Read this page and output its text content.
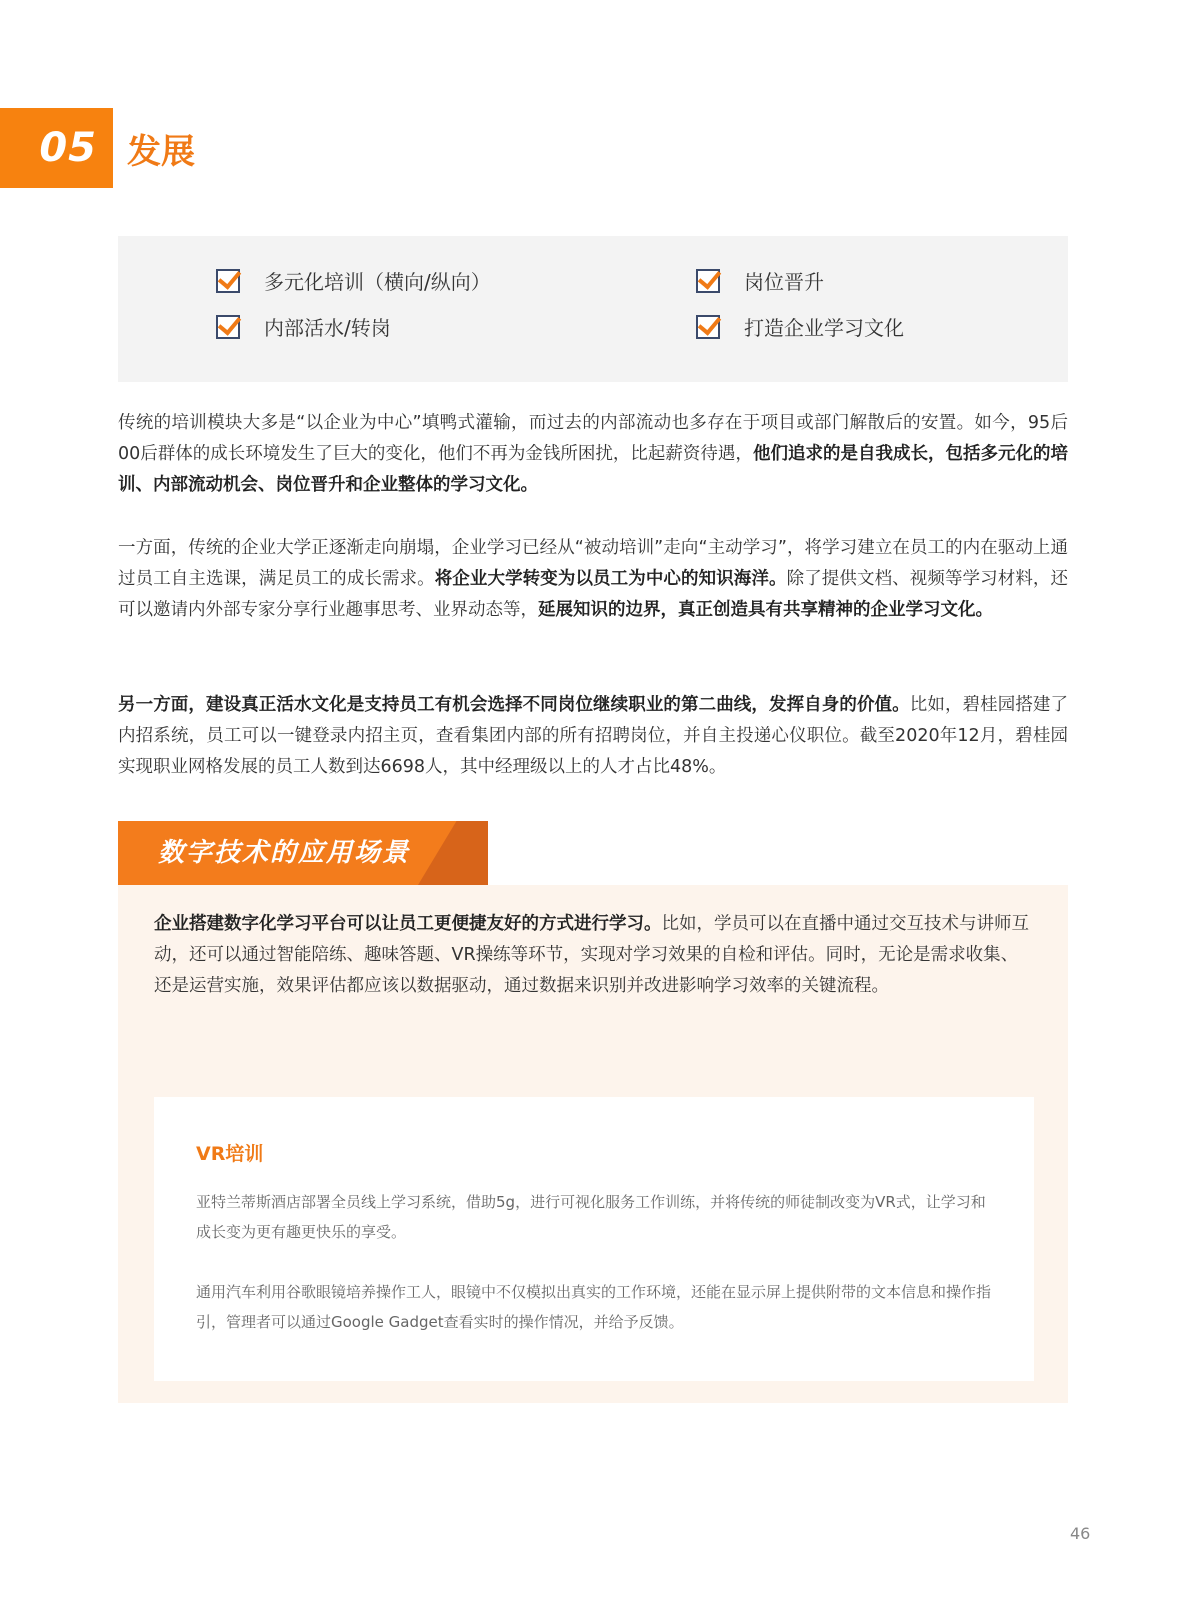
05 发展
多元化培训（横向/纵向）	岗位晋升
内部活水/转岗	打造企业学习文化

传统的培训模块大多是“以企业为中心”填鸭式灌输，而过去的内部流动也多存在于项目或部门解散后的安置。如今，95后00后群体的成长环境发生了巨大的变化，他们不再为金钱所困扰，比起薪资待遇，他们追求的是自我成长，包括多元化的培训、内部流动机会、岗位晋升和企业整体的学习文化。

一方面，传统的企业大学正逐渐走向崩塌，企业学习已经从“被动培训”走向“主动学习”，将学习建立在员工的内在驱动上通过员工自主选课，满足员工的成长需求。将企业大学转变为以员工为中心的知识海洋。除了提供文档、视频等学习材料，还可以邀请内外部专家分享行业趣事思考、业界动态等，延展知识的边界，真正创造具有共享精神的企业学习文化。

另一方面，建设真正活水文化是支持员工有机会选择不同岗位继续职业的第二曲线，发挥自身的价值。比如，碧桂园搭建了内招系统，员工可以一键登录内招主页，查看集团内部的所有招聘岗位，并自主投递心仪职位。截至2020年12月，碧桂园实现职业网格发展的员工人数到达6698人，其中经理级以上的人才占比48%。

数字技术的应用场景

企业搭建数字化学习平台可以让员工更便捷友好的方式进行学习。比如，学员可以在直播中通过交互技术与讲师互动，还可以通过智能陪练、趣味答题、VR操练等环节，实现对学习效果的自检和评估。同时，无论是需求收集、还是运营实施，效果评估都应该以数据驱动，通过数据来识别并改进影响学习效率的关键流程。

VR培训

亚特兰蒂斯酒店部署全员线上学习系统，借助5g，进行可视化服务工作训练，并将传统的师徒制改变为VR式，让学习和成长变为更有趣更快乐的享受。

通用汽车利用谷歌眼镜培养操作工人，眼镜中不仅模拟出真实的工作环境，还能在显示屏上提供附带的文本信息和操作指引，管理者可以通过Google Gadget查看实时的操作情况，并给予反馈。

46
